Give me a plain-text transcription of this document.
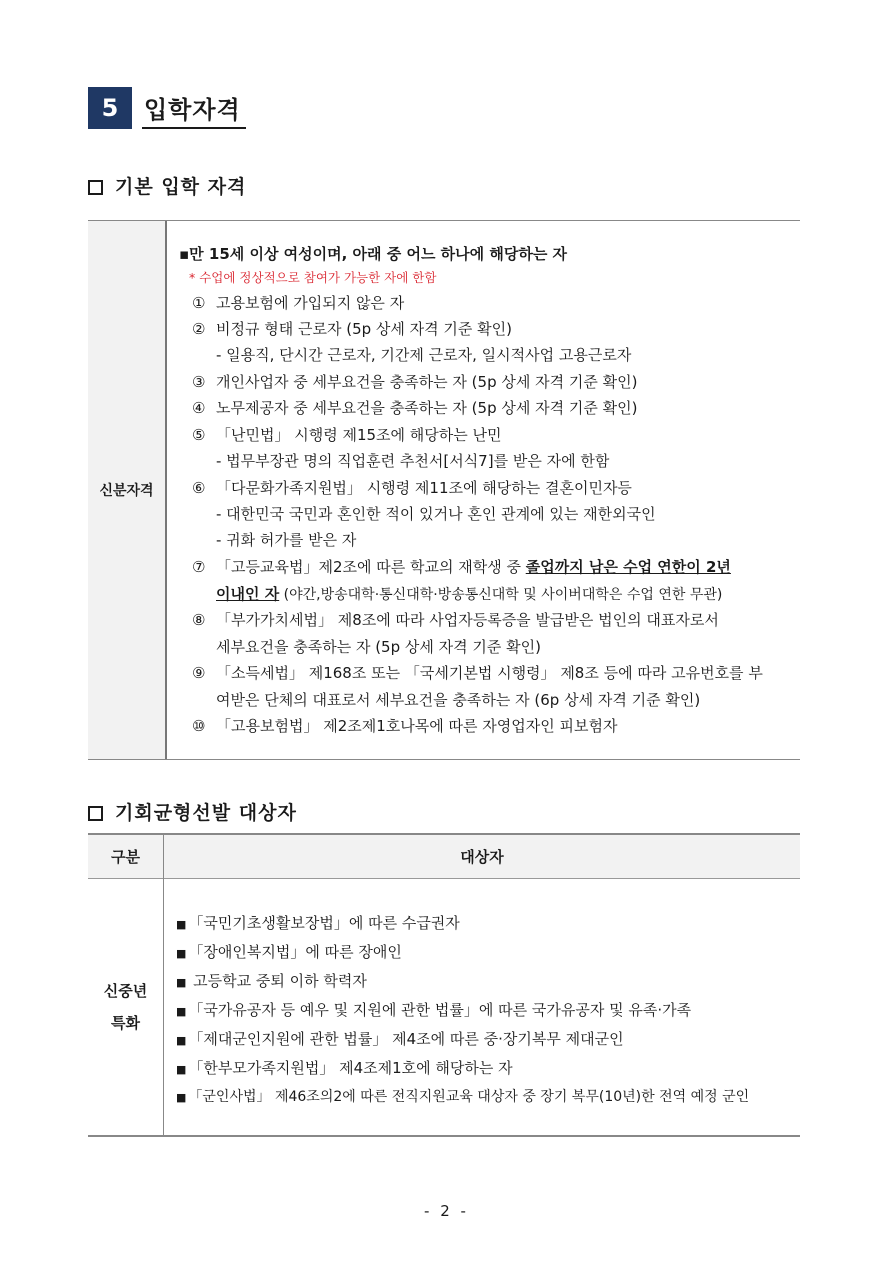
5	입학자격
기본 입학 자격
신분자격
▪만 15세 이상 여성이며, 아래 중 어느 하나에 해당하는 자
* 수업에 정상적으로 참여가 가능한 자에 한함
① 고용보험에 가입되지 않은 자
② 비정규 형태 근로자 (5p 상세 자격 기준 확인)
- 일용직, 단시간 근로자, 기간제 근로자, 일시적사업 고용근로자
③ 개인사업자 중 세부요건을 충족하는 자 (5p 상세 자격 기준 확인)
④ 노무제공자 중 세부요건을 충족하는 자 (5p 상세 자격 기준 확인)
⑤ 「난민법」 시행령 제15조에 해당하는 난민
- 법무부장관 명의 직업훈련 추천서[서식7]를 받은 자에 한함
⑥ 「다문화가족지원법」 시행령 제11조에 해당하는 결혼이민자등
- 대한민국 국민과 혼인한 적이 있거나 혼인 관계에 있는 재한외국인
- 귀화 허가를 받은 자
⑦ 「고등교육법」제2조에 따른 학교의 재학생 중 졸업까지 남은 수업 연한이 2년
이내인 자 (야간,방송대학·통신대학·방송통신대학 및 사이버대학은 수업 연한 무관)
⑧ 「부가가치세법」 제8조에 따라 사업자등록증을 발급받은 법인의 대표자로서
세부요건을 충족하는 자 (5p 상세 자격 기준 확인)
⑨ 「소득세법」 제168조 또는 「국세기본법 시행령」 제8조 등에 따라 고유번호를 부
여받은 단체의 대표로서 세부요건을 충족하는 자 (6p 상세 자격 기준 확인)
⑩ 「고용보험법」 제2조제1호나목에 따른 자영업자인 피보험자
기회균형선발 대상자
구분	대상자
신중년
특화
■ 「국민기초생활보장법」에 따른 수급권자
■ 「장애인복지법」에 따른 장애인
■ 고등학교 중퇴 이하 학력자
■ 「국가유공자 등 예우 및 지원에 관한 법률」에 따른 국가유공자 및 유족·가족
■ 「제대군인지원에 관한 법률」 제4조에 따른 중·장기복무 제대군인
■ 「한부모가족지원법」 제4조제1호에 해당하는 자
■ 「군인사법」 제46조의2에 따른 전직지원교육 대상자 중 장기 복무(10년)한 전역 예정 군인
- 2 -
